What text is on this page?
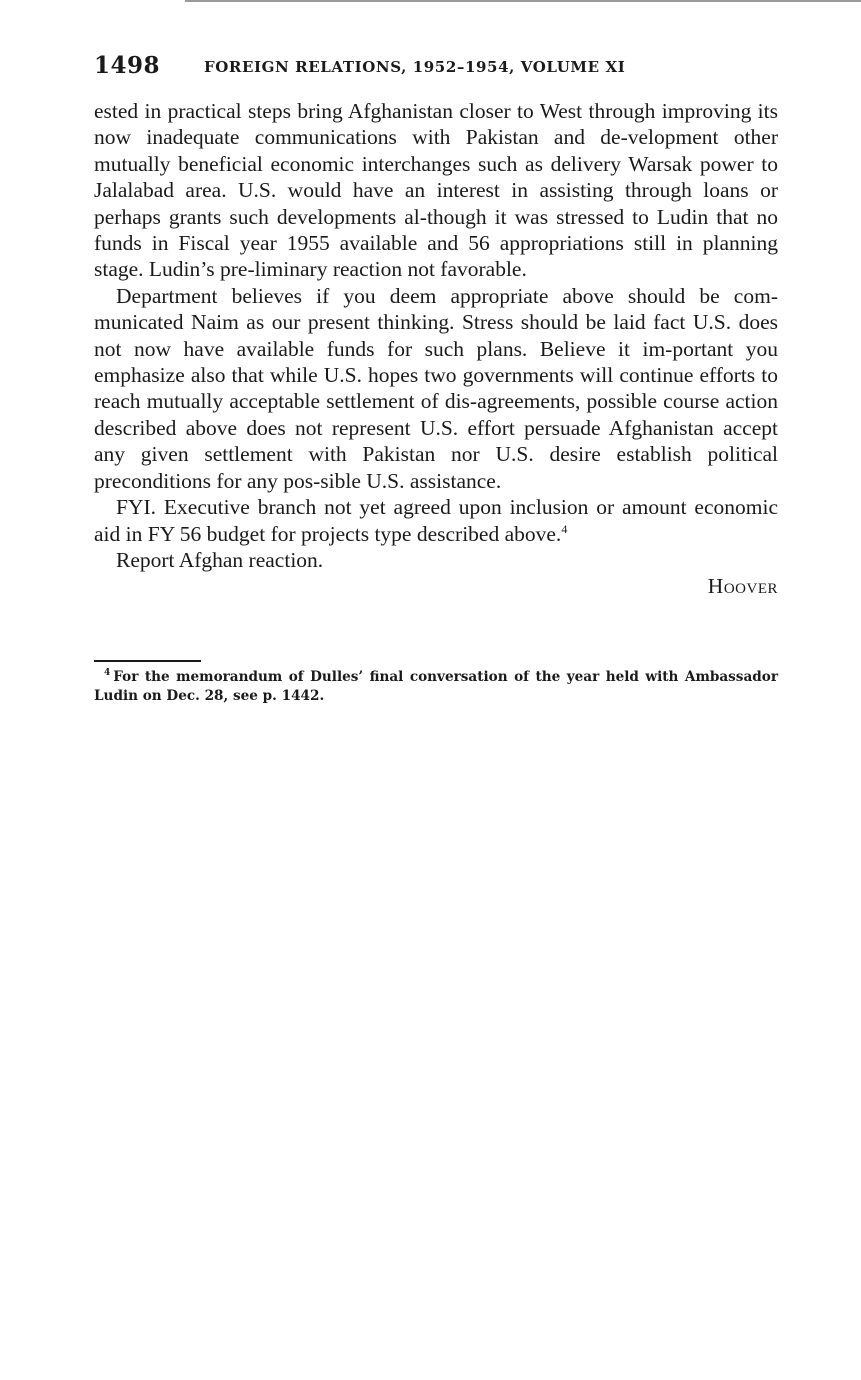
1498	FOREIGN RELATIONS, 1952–1954, VOLUME XI

ested in practical steps bring Afghanistan closer to West through improving its now inadequate communications with Pakistan and de-velopment other mutually beneficial economic interchanges such as delivery Warsak power to Jalalabad area. U.S. would have an interest in assisting through loans or perhaps grants such developments al-though it was stressed to Ludin that no funds in Fiscal year 1955 available and 56 appropriations still in planning stage. Ludin’s pre-liminary reaction not favorable.

Department believes if you deem appropriate above should be com-municated Naim as our present thinking. Stress should be laid fact U.S. does not now have available funds for such plans. Believe it im-portant you emphasize also that while U.S. hopes two governments will continue efforts to reach mutually acceptable settlement of dis-agreements, possible course action described above does not represent U.S. effort persuade Afghanistan accept any given settlement with Pakistan nor U.S. desire establish political preconditions for any pos-sible U.S. assistance.

FYI. Executive branch not yet agreed upon inclusion or amount economic aid in FY 56 budget for projects type described above.$^4$

Report Afghan reaction.

Hoover

$^4$ For the memorandum of Dulles’ final conversation of the year held with Ambassador Ludin on Dec. 28, see p. 1442.
